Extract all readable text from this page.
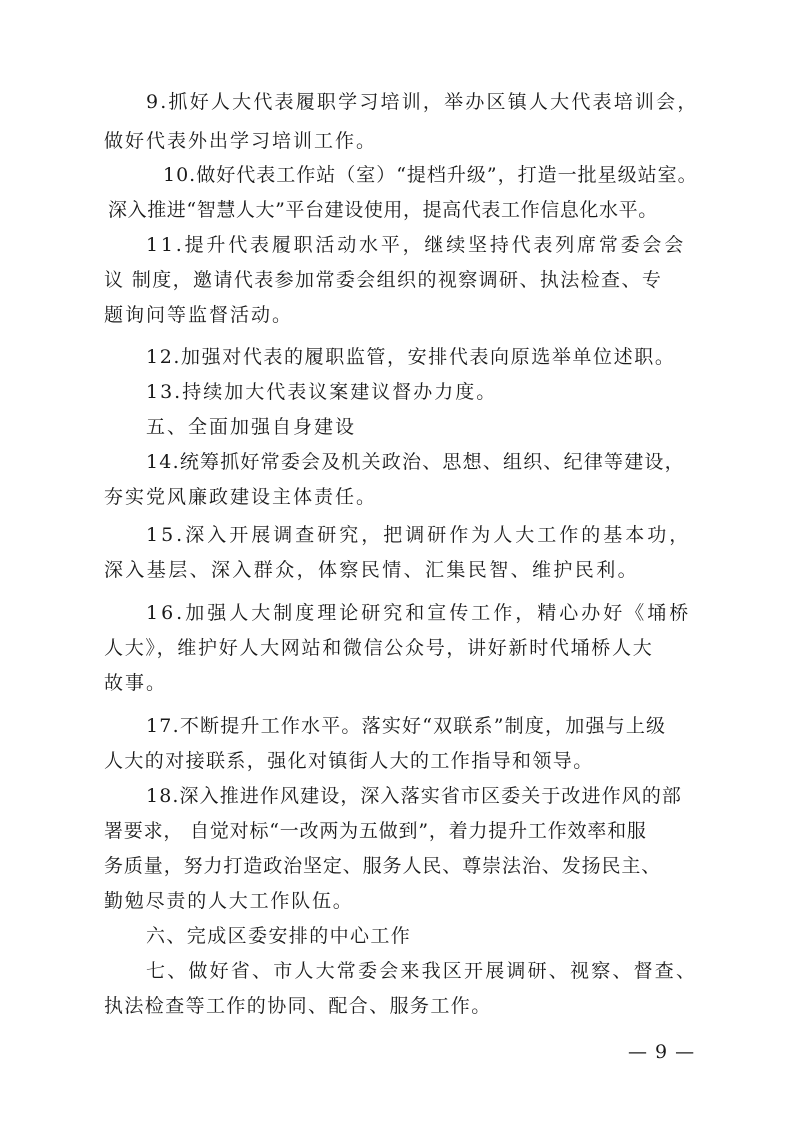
9.抓好人大代表履职学习培训，举办区镇人大代表培训会，
做好代表外出学习培训工作。
10.做好代表工作站（室）“提档升级”，打造一批星级站室。
深入推进“智慧人大”平台建设使用，提高代表工作信息化水平。
11.提升代表履职活动水平，继续坚持代表列席常委会会
议 制度，邀请代表参加常委会组织的视察调研、执法检查、专
题询问等监督活动。
12.加强对代表的履职监管，安排代表向原选举单位述职。
13.持续加大代表议案建议督办力度。
五、全面加强自身建设
14.统筹抓好常委会及机关政治、思想、组织、纪律等建设，
夯实党风廉政建设主体责任。
15.深入开展调查研究，把调研作为人大工作的基本功，
深入基层、深入群众，体察民情、汇集民智、维护民利。
16.加强人大制度理论研究和宣传工作，精心办好《埇桥
人大》，维护好人大网站和微信公众号，讲好新时代埇桥人大
故事。
17.不断提升工作水平。落实好“双联系”制度，加强与上级
人大的对接联系，强化对镇街人大的工作指导和领导。
18.深入推进作风建设，深入落实省市区委关于改进作风的部
署要求， 自觉对标“一改两为五做到”，着力提升工作效率和服
务质量，努力打造政治坚定、服务人民、尊崇法治、发扬民主、
勤勉尽责的人大工作队伍。
六、完成区委安排的中心工作
七、做好省、市人大常委会来我区开展调研、视察、督查、
执法检查等工作的协同、配合、服务工作。
— 9 —
